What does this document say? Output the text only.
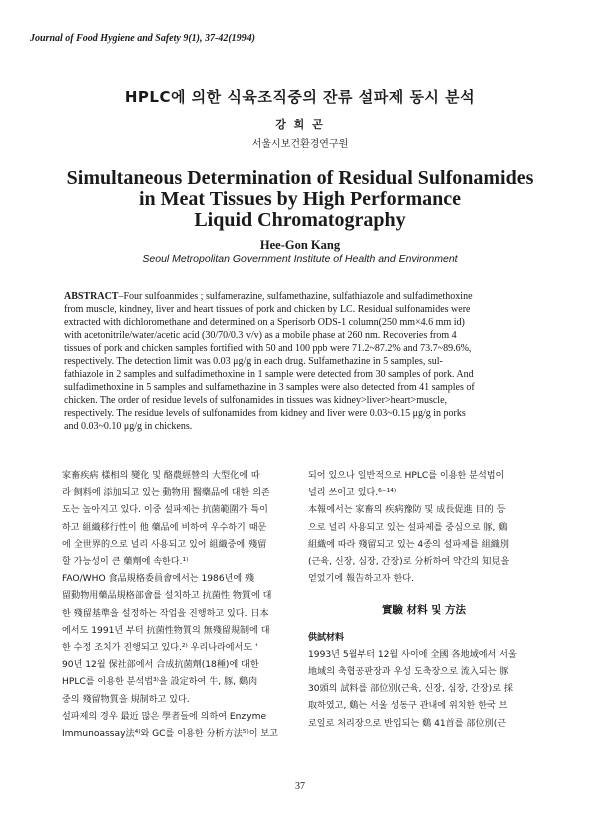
Journal of Food Hygiene and Safety 9(1), 37-42(1994)
HPLC에 의한 식육조직중의 잔류 설파제 동시 분석
강 희 곤
서울시보건환경연구원
Simultaneous Determination of Residual Sulfonamides
in Meat Tissues by High Performance
Liquid Chromatography
Hee-Gon Kang
Seoul Metropolitan Government Institute of Health and Environment
ABSTRACT–Four sulfoanmides ; sulfamerazine, sulfamethazine, sulfathiazole and sulfadimethoxine
from muscle, kindney, liver and heart tissues of pork and chicken by LC. Residual sulfonamides were
extracted with dichloromethane and determined on a Sperisorb ODS-1 column(250 mm×4.6 mm id)
with acetonitrile/water/acetic acid (30/70/0.3 v/v) as a mobile phase at 260 nm. Recoveries from 4
tissues of pork and chicken samples fortified with 50 and 100 ppb were 71.2~87.2% and 73.7~89.6%,
respectively. The detection limit was 0.03 μg/g in each drug. Sulfamethazine in 5 samples, sul-
fathiazole in 2 samples and sulfadimethoxine in 1 sample were detected from 30 samples of pork. And
sulfadimethoxine in 5 samples and sulfamethazine in 3 samples were also detected from 41 samples of
chicken. The order of residue levels of sulfonamides in tissues was kidney>liver>heart>muscle,
respectively. The residue levels of sulfonamides from kidney and liver were 0.03~0.15 μg/g in porks
and 0.03~0.10 μg/g in chickens.
家畜疾病 樣相의 變化 및 酪農經營의 大型化에 따
라 飼料에 添加되고 있는 動物用 醫藥品에 대한 의존
도는 높아지고 있다. 이중 설파제는 抗菌範圍가 특이
하고 組織移行性이 他 藥品에 비하여 우수하기 때문
에 全世界的으로 널리 사용되고 있어 組織중에 殘留
할 가능성이 큰 藥劑에 속한다.¹⁾
FAO/WHO 食品規格委員會에서는 1986년에 殘
留動物用藥品規格部會를 설치하고 抗菌性 物質에 대
한 殘留基準을 설정하는 작업을 진행하고 있다. 日本
에서도 1991년 부터 抗菌性物質의 無殘留規制에 대
한 수정 조치가 진행되고 있다.²⁾ 우리나라에서도 '
90년 12월 保社部에서 合成抗菌劑(18種)에 대한
HPLC를 이용한 분석법³⁾을 設定하여 牛, 豚, 鷄肉
중의 殘留物質을 規制하고 있다.
설파제의 경우 最近 많은 學者들에 의하여 Enzyme
Immunoassay法⁴⁾와 GC를 이용한 分析方法⁵⁾이 보고
되어 있으나 일반적으로 HPLC를 이용한 분석법이
널리 쓰이고 있다.⁶⁻¹⁴⁾
本報에서는 家畜의 疾病豫防 및 成長促進 目的 등
으로 널리 사용되고 있는 설파제를 중심으로 豚, 鷄
組織에 따라 殘留되고 있는 4종의 설파제를 組織別
(근육, 신장, 심장, 간장)로 分析하여 약간의 知見을
얻었기에 報告하고자 한다.
實驗 材料 및 方法
供試材料
1993년 5월부터 12월 사이에 全國 各地域에서 서울
地域의 축협공판장과 우성 도축장으로 流入되는 豚
30頭의 試料를 部位別(근육, 신장, 심장, 간장)로 採
取하였고, 鷄는 서울 성동구 관내에 위치한 한국 브
로일로 처리장으로 반입되는 鷄 41首를 部位別(근
37
